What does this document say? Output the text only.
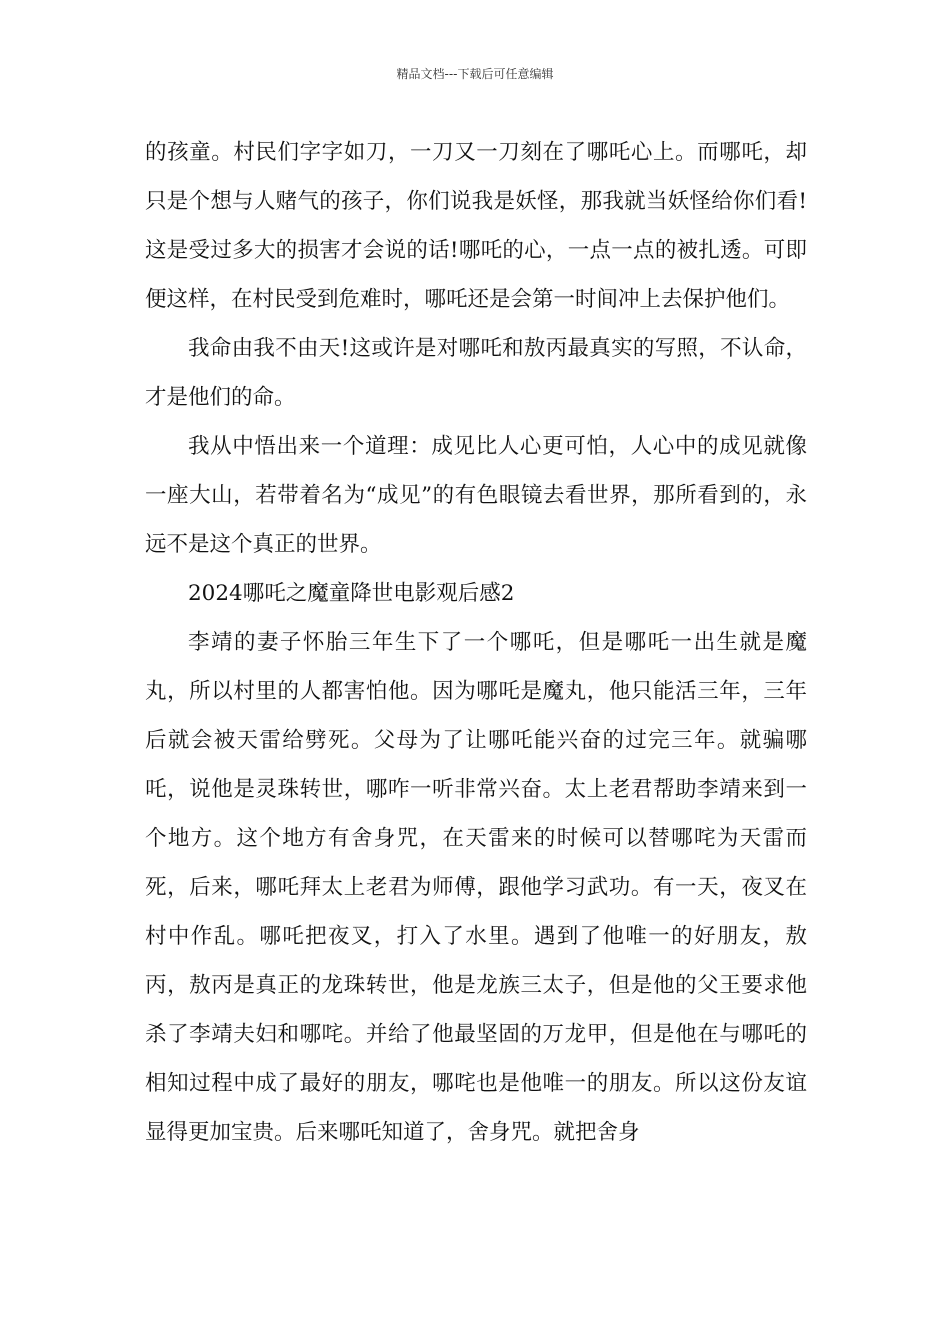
精品文档---下载后可任意编辑

的孩童。村民们字字如刀，一刀又一刀刻在了哪吒心上。而哪吒，却只是个想与人赌气的孩子，你们说我是妖怪，那我就当妖怪给你们看!这是受过多大的损害才会说的话!哪吒的心，一点一点的被扎透。可即便这样，在村民受到危难时，哪吒还是会第一时间冲上去保护他们。

我命由我不由天!这或许是对哪吒和敖丙最真实的写照，不认命，才是他们的命。

我从中悟出来一个道理：成见比人心更可怕，人心中的成见就像一座大山，若带着名为“成见”的有色眼镜去看世界，那所看到的，永远不是这个真正的世界。

2024哪吒之魔童降世电影观后感2

李靖的妻子怀胎三年生下了一个哪吒，但是哪吒一出生就是魔丸，所以村里的人都害怕他。因为哪吒是魔丸，他只能活三年，三年后就会被天雷给劈死。父母为了让哪吒能兴奋的过完三年。就骗哪吒，说他是灵珠转世，哪咋一听非常兴奋。太上老君帮助李靖来到一个地方。这个地方有舍身咒，在天雷来的时候可以替哪咤为天雷而死，后来，哪吒拜太上老君为师傅，跟他学习武功。有一天，夜叉在村中作乱。哪吒把夜叉，打入了水里。遇到了他唯一的好朋友，敖丙，敖丙是真正的龙珠转世，他是龙族三太子，但是他的父王要求他杀了李靖夫妇和哪咤。并给了他最坚固的万龙甲，但是他在与哪吒的相知过程中成了最好的朋友，哪咤也是他唯一的朋友。所以这份友谊显得更加宝贵。后来哪吒知道了，舍身咒。就把舍身
